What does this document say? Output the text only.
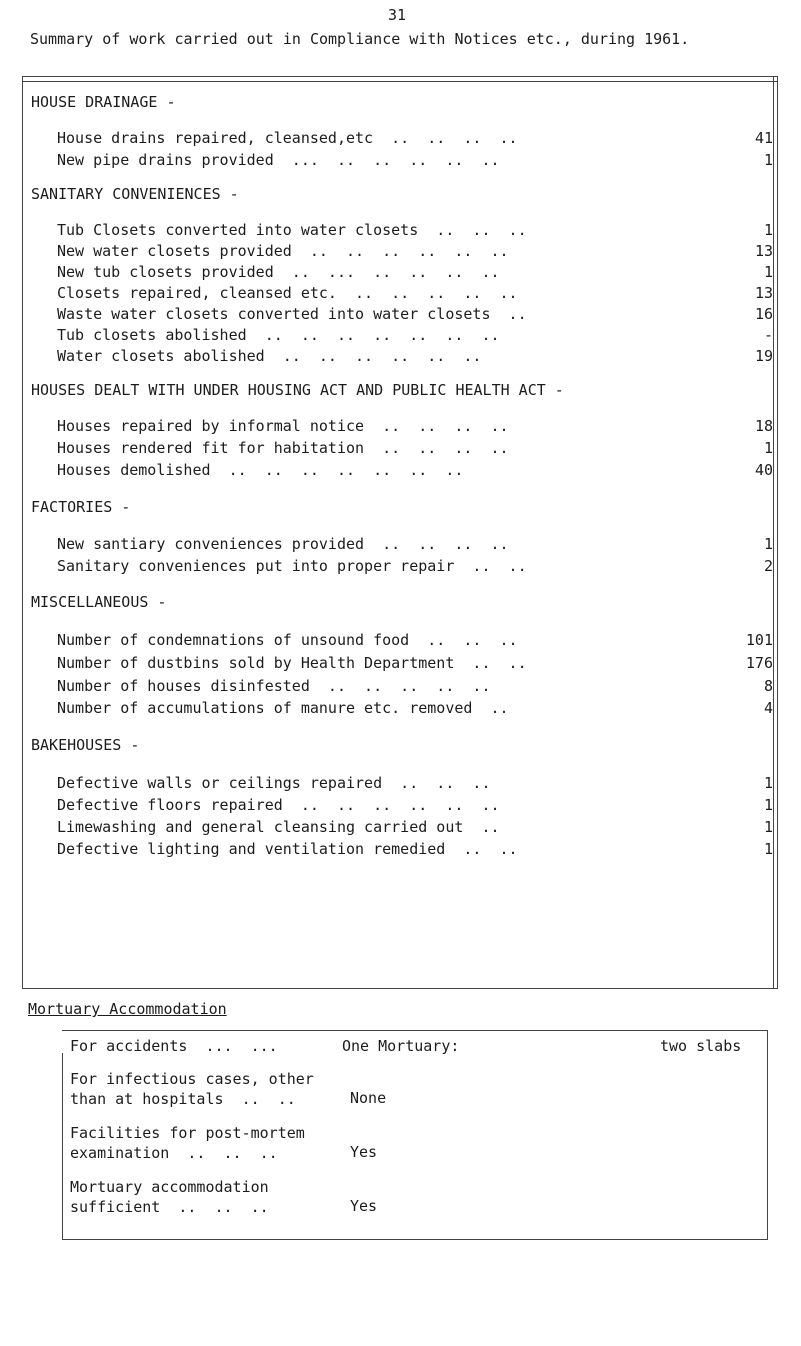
31
Summary of work carried out in Compliance with Notices etc., during 1961.
HOUSE DRAINAGE -
House drains repaired, cleansed,etc  ..  ..  ..  ..	41
New pipe drains provided  ...  ..  ..  ..  ..  ..	1
SANITARY CONVENIENCES -
Tub Closets converted into water closets  ..  ..  ..	1
New water closets provided  ..  ..  ..  ..  ..  ..	13
New tub closets provided  ..  ...  ..  ..  ..  ..	1
Closets repaired, cleansed etc.  ..  ..  ..  ..  ..	13
Waste water closets converted into water closets  ..	16
Tub closets abolished  ..  ..  ..  ..  ..  ..  ..	-
Water closets abolished  ..  ..  ..  ..  ..  ..	19
HOUSES DEALT WITH UNDER HOUSING ACT AND PUBLIC HEALTH ACT -
Houses repaired by informal notice  ..  ..  ..  ..	18
Houses rendered fit for habitation  ..  ..  ..  ..	1
Houses demolished  ..  ..  ..  ..  ..  ..  ..	40
FACTORIES -
New santiary conveniences provided  ..  ..  ..  ..	1
Sanitary conveniences put into proper repair  ..  ..	2
MISCELLANEOUS -
Number of condemnations of unsound food  ..  ..  ..	101
Number of dustbins sold by Health Department  ..  ..	176
Number of houses disinfested  ..  ..  ..  ..  ..	8
Number of accumulations of manure etc. removed  ..	4
BAKEHOUSES -
Defective walls or ceilings repaired  ..  ..  ..	1
Defective floors repaired  ..  ..  ..  ..  ..  ..	1
Limewashing and general cleansing carried out  ..	1
Defective lighting and ventilation remedied  ..  ..	1
Mortuary Accommodation
For accidents  ...  ...	One Mortuary:	two slabs
For infectious cases, other
than at hospitals  ..  ..	None
Facilities for post-mortem
examination  ..  ..  ..	Yes
Mortuary accommodation
sufficient  ..  ..  ..	Yes
